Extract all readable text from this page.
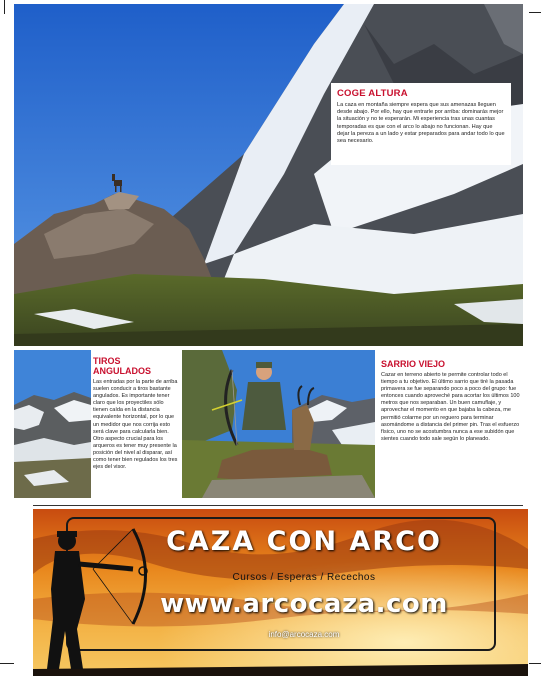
COGE ALTURA
La caza en montaña siempre espera que sus amenazas lleguen desde abajo. Por ello, hay que entrarle por arriba: dominarás mejor la situación y no te esperarán. Mi experiencia tras unas cuantas temporadas es que con el arco lo abajo no funcionan. Hay que dejar la pereza a un lado y estar preparados para andar todo lo que sea necesario.
TIROS ANGULADOS
Las entradas por la parte de arriba suelen conducir a tiros bastante angulados. Es importante tener claro que los proyectiles sólo tienen caída en la distancia equivalente horizontal, por lo que un medidor que nos corrija esto será clave para calcularla bien. Otro aspecto crucial para los arqueros es tener muy presente la posición del nivel al disparar, así como tener bien regulados los tres ejes del visor.
SARRIO VIEJO
Cazar en terreno abierto te permite controlar todo el tiempo a tu objetivo. El último sarrio que tiré la pasada primavera se fue separando poco a poco del grupo: fue entonces cuando aproveché para acortar los últimos 100 metros que nos separaban. Un buen camuflaje, y aprovechar el momento en que bajaba la cabeza, me permitió colarme por un reguero para terminar asomándome a distancia del primer pin. Tras el esfuerzo físico, uno no se acostumbra nunca a ese subidón que sientes cuando todo sale según lo planeado.
CAZA CON ARCO
Cursos / Esperas / Recechos
www.arcocaza.com
info@arcocaza.com
